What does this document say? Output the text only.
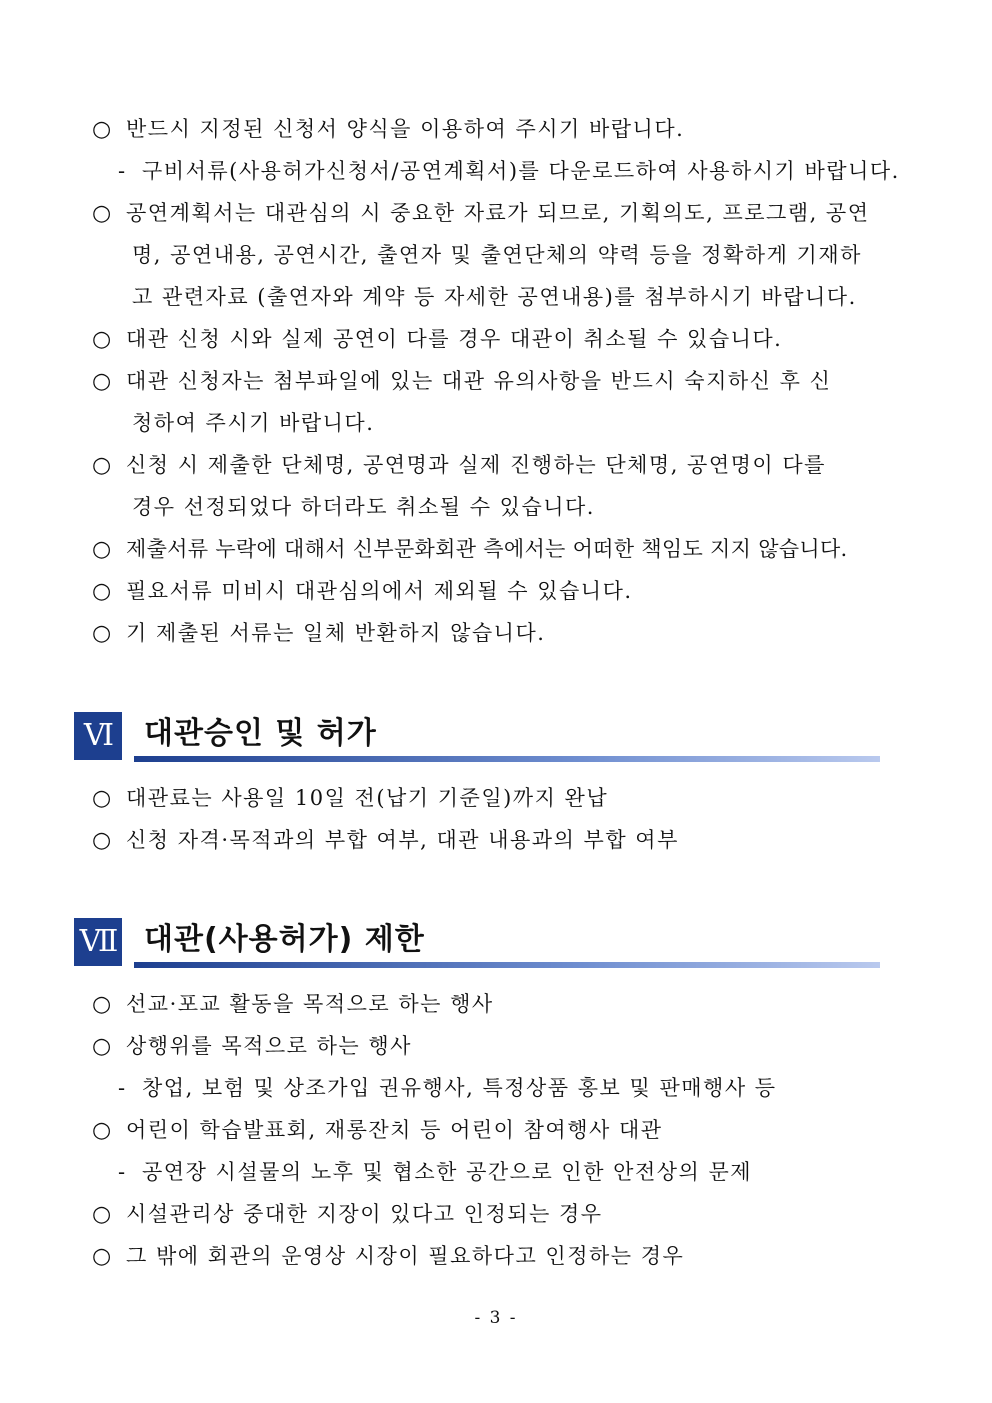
○ 반드시 지정된 신청서 양식을 이용하여 주시기 바랍니다.
- 구비서류(사용허가신청서/공연계획서)를 다운로드하여 사용하시기 바랍니다.
○ 공연계획서는 대관심의 시 중요한 자료가 되므로, 기획의도, 프로그램, 공연
명, 공연내용, 공연시간, 출연자 및 출연단체의 약력 등을 정확하게 기재하
고 관련자료 (출연자와 계약 등 자세한 공연내용)를 첨부하시기 바랍니다.
○ 대관 신청 시와 실제 공연이 다를 경우 대관이 취소될 수 있습니다.
○ 대관 신청자는 첨부파일에 있는 대관 유의사항을 반드시 숙지하신 후 신
청하여 주시기 바랍니다.
○ 신청 시 제출한 단체명, 공연명과 실제 진행하는 단체명, 공연명이 다를
경우 선정되었다 하더라도 취소될 수 있습니다.
○ 제출서류 누락에 대해서 신부문화회관 측에서는 어떠한 책임도 지지 않습니다.
○ 필요서류 미비시 대관심의에서 제외될 수 있습니다.
○ 기 제출된 서류는 일체 반환하지 않습니다.
Ⅵ	대관승인 및 허가
○ 대관료는 사용일 10일 전(납기 기준일)까지 완납
○ 신청 자격·목적과의 부합 여부, 대관 내용과의 부합 여부
Ⅶ 대관(사용허가) 제한
○ 선교·포교 활동을 목적으로 하는 행사
○ 상행위를 목적으로 하는 행사
- 창업, 보험 및 상조가입 권유행사, 특정상품 홍보 및 판매행사 등
○ 어린이 학습발표회, 재롱잔치 등 어린이 참여행사 대관
- 공연장 시설물의 노후 및 협소한 공간으로 인한 안전상의 문제
○ 시설관리상 중대한 지장이 있다고 인정되는 경우
○ 그 밖에 회관의 운영상 시장이 필요하다고 인정하는 경우
- 3 -
